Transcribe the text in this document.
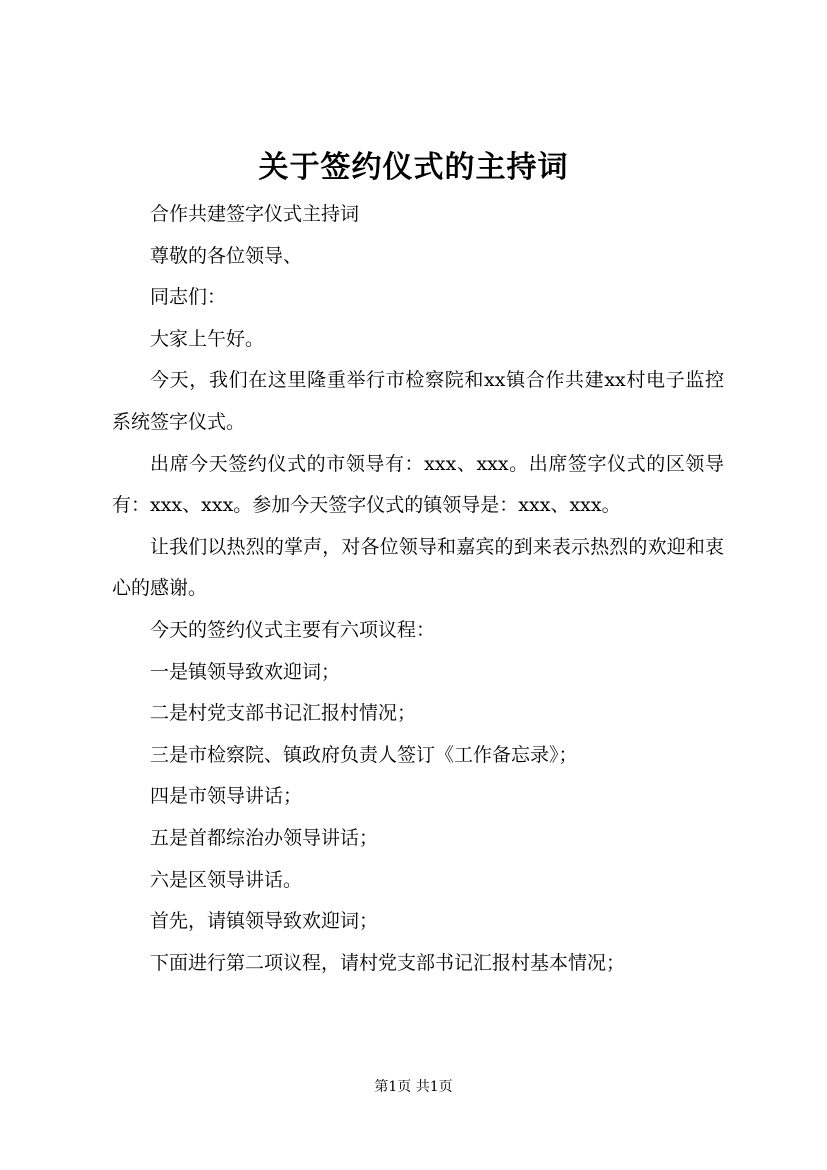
关于签约仪式的主持词

合作共建签字仪式主持词

尊敬的各位领导、

同志们：

大家上午好。

今天，我们在这里隆重举行市检察院和xx镇合作共建xx村电子监控系统签字仪式。

出席今天签约仪式的市领导有：xxx、xxx。出席签字仪式的区领导有：xxx、xxx。参加今天签字仪式的镇领导是：xxx、xxx。

让我们以热烈的掌声，对各位领导和嘉宾的到来表示热烈的欢迎和衷心的感谢。

今天的签约仪式主要有六项议程：

一是镇领导致欢迎词；

二是村党支部书记汇报村情况；

三是市检察院、镇政府负责人签订《工作备忘录》；

四是市领导讲话；

五是首都综治办领导讲话；

六是区领导讲话。

首先，请镇领导致欢迎词；

下面进行第二项议程，请村党支部书记汇报村基本情况；

第1页 共1页
